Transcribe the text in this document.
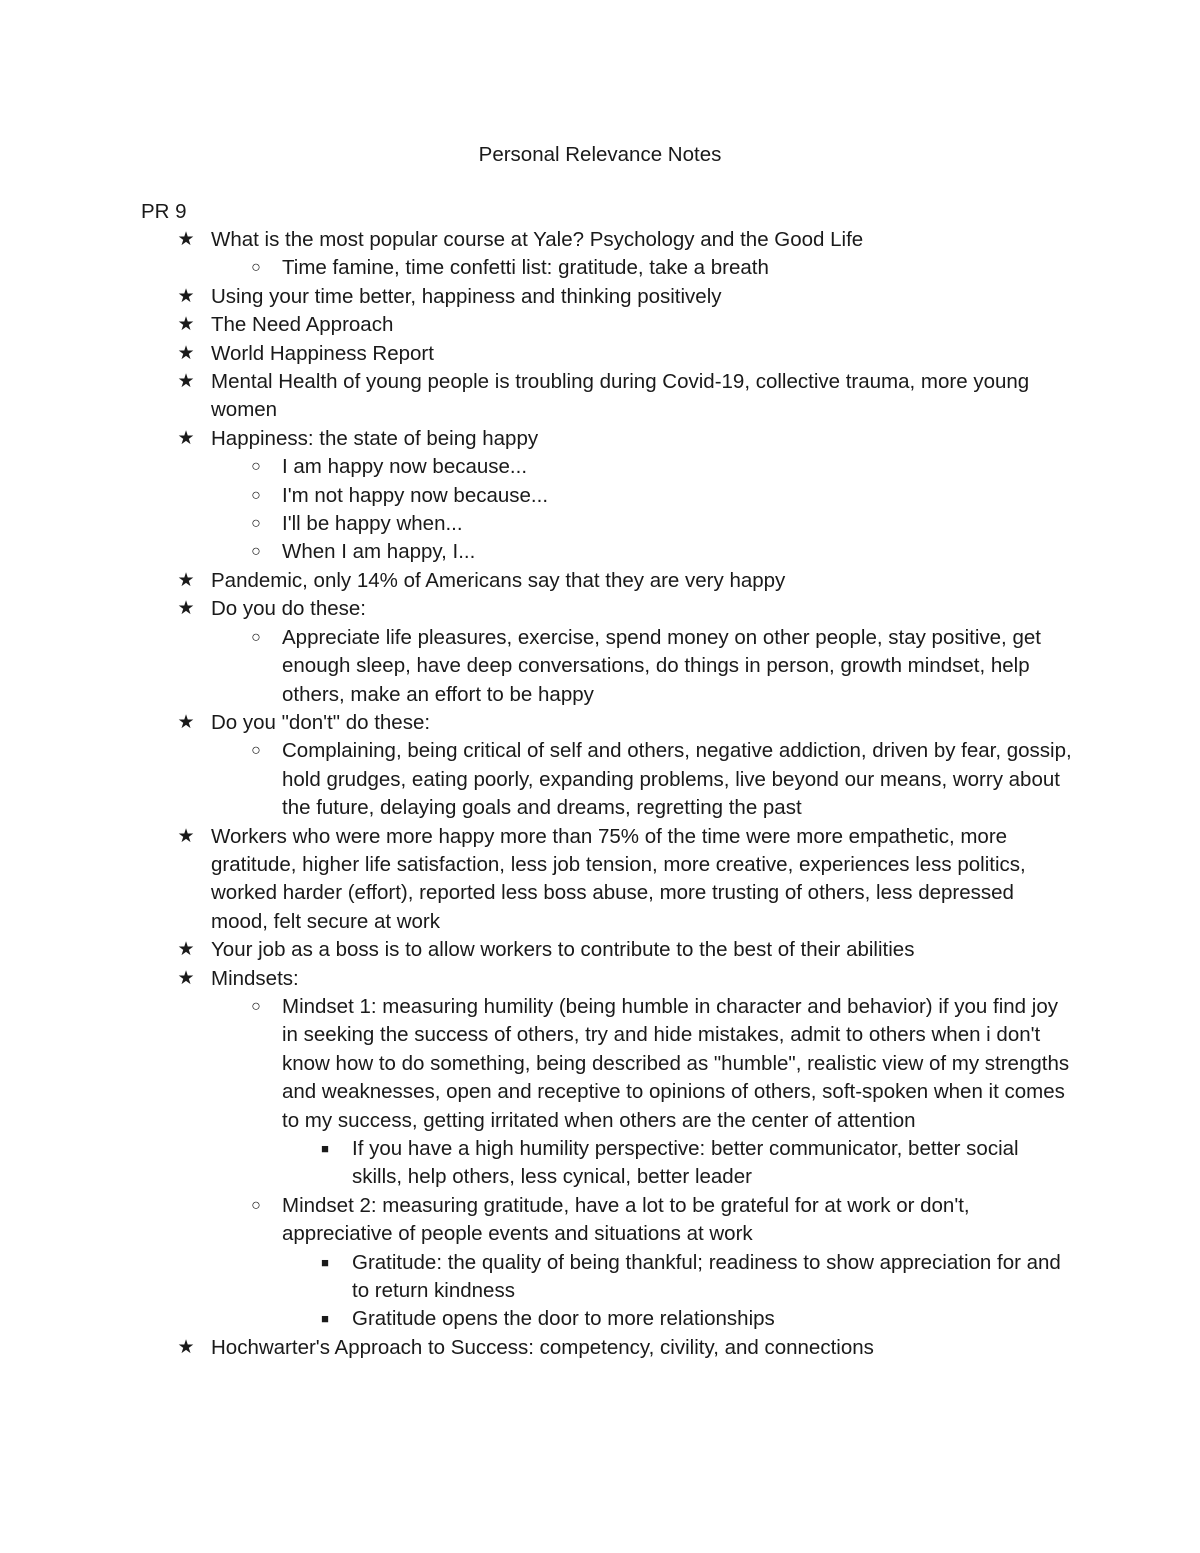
Personal Relevance Notes
PR 9
★ What is the most popular course at Yale? Psychology and the Good Life
○	Time famine, time confetti list: gratitude, take a breath
★ Using your time better, happiness and thinking positively
★ The Need Approach
★ World Happiness Report
★ Mental Health of young people is troubling during Covid-19, collective trauma, more young women
★ Happiness: the state of being happy
○	I am happy now because...
○	I'm not happy now because...
○	I'll be happy when...
○	When I am happy, I...
★ Pandemic, only 14% of Americans say that they are very happy
★ Do you do these:
○	Appreciate life pleasures, exercise, spend money on other people, stay positive, get enough sleep, have deep conversations, do things in person, growth mindset, help others, make an effort to be happy
★ Do you "don't" do these:
○	Complaining, being critical of self and others, negative addiction, driven by fear, gossip, hold grudges, eating poorly, expanding problems, live beyond our means, worry about the future, delaying goals and dreams, regretting the past
★ Workers who were more happy more than 75% of the time were more empathetic, more gratitude, higher life satisfaction, less job tension, more creative, experiences less politics, worked harder (effort), reported less boss abuse, more trusting of others, less depressed mood, felt secure at work
★ Your job as a boss is to allow workers to contribute to the best of their abilities
★ Mindsets:
○	Mindset 1: measuring humility (being humble in character and behavior) if you find joy in seeking the success of others, try and hide mistakes, admit to others when i don't know how to do something, being described as "humble", realistic view of my strengths and weaknesses, open and receptive to opinions of others, soft-spoken when it comes to my success, getting irritated when others are the center of attention
■	If you have a high humility perspective: better communicator, better social skills, help others, less cynical, better leader
○	Mindset 2: measuring gratitude, have a lot to be grateful for at work or don't, appreciative of people events and situations at work
■	Gratitude: the quality of being thankful; readiness to show appreciation for and to return kindness
■	Gratitude opens the door to more relationships
★ Hochwarter's Approach to Success: competency, civility, and connections
